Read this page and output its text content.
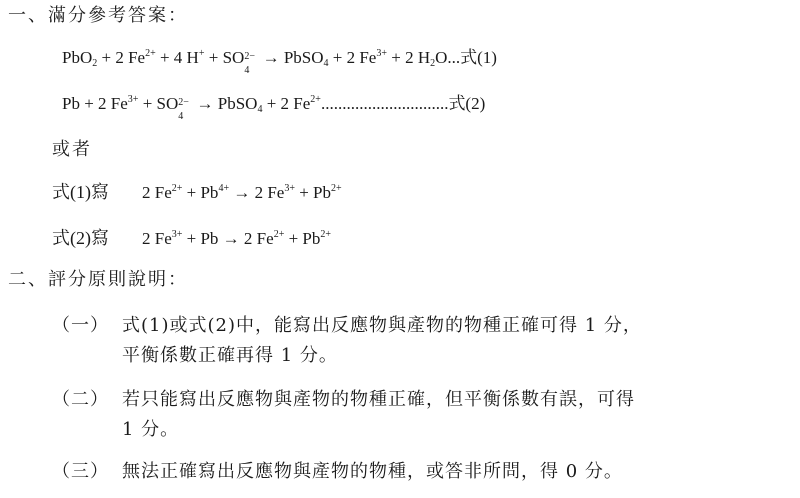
一、滿分參考答案：
PbO$_2$ + 2 $Fe^{2+} + 4$ H+ + SO 2−
4
→ PbSO$_4$ + 2 $Fe^{3+} + 2$ $H_2O$...式(1)
Pb + 2 $Fe^{3+}$ + SO 2−
4
→ PbSO$_4$ + 2 $Fe^{2+}$..............................式(2)
或者
式(1)寫 2 $Fe^{2+} + Pb^{4+} \to 2$ $Fe^{3+} + Pb^{2+}$
式(2)寫 2 $Fe^{3+} + Pb \to 2$ $Fe^{2+} + Pb^{2+}$
二、評分原則說明：
（一） 式(1)或式(2)中，能寫出反應物與產物的物種正確可得 1 分，
平衡係數正確再得 1 分。
（二） 若只能寫出反應物與產物的物種正確，但平衡係數有誤，可得
1 分。
（三） 無法正確寫出反應物與產物的物種，或答非所問，得 0 分。
